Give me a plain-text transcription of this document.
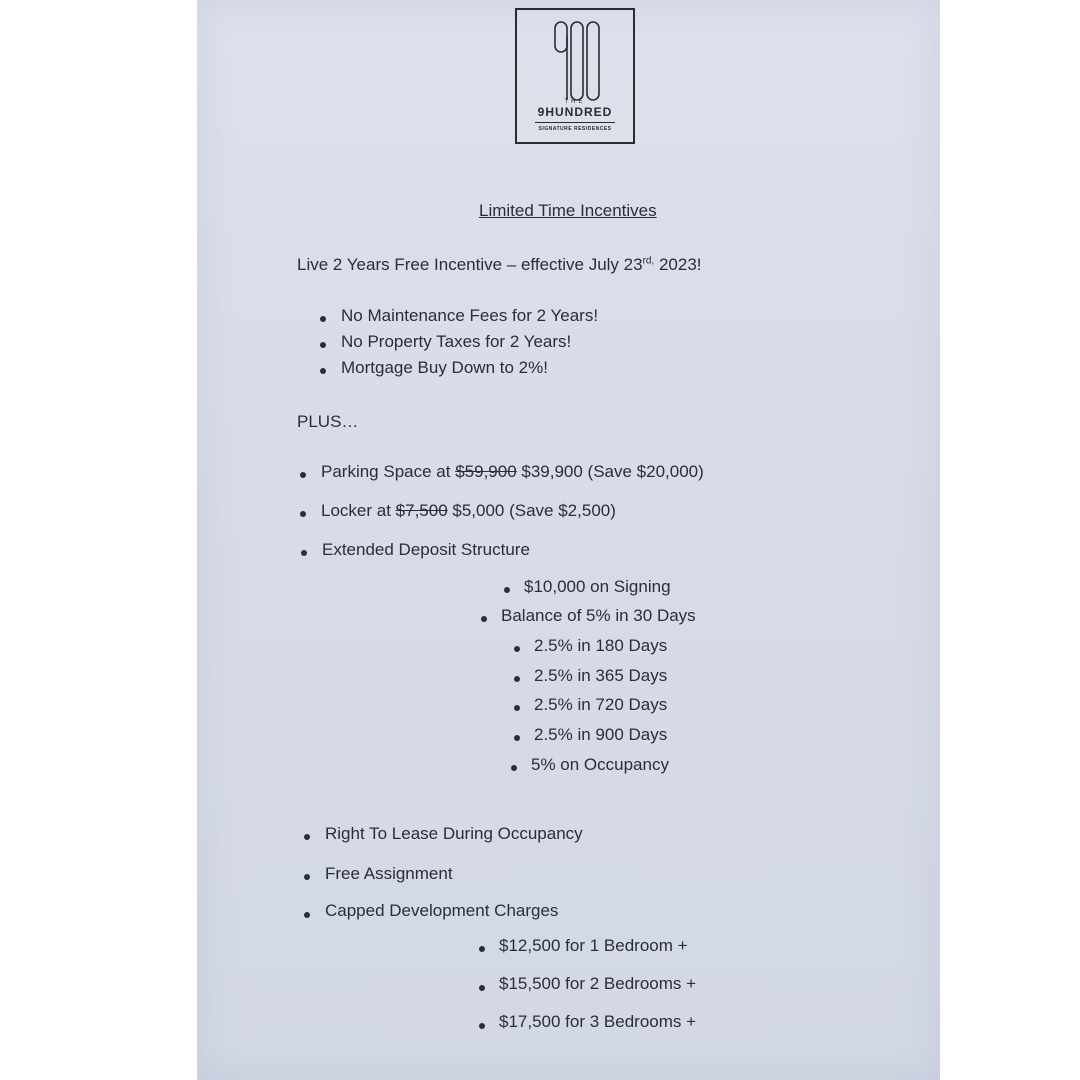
THE
9HUNDRED
SIGNATURE RESIDENCES
Limited Time Incentives
Live 2 Years Free Incentive – effective July $23^{rd,}$ 2023!
No Maintenance Fees for 2 Years!
No Property Taxes for 2 Years!
Mortgage Buy Down to 2%!
PLUS…
Parking Space at $59,900 $39,900 (Save $20,000)
Locker at $7,500 $5,000 (Save $2,500)
Extended Deposit Structure
$10,000 on Signing
Balance of 5% in 30 Days
2.5% in 180 Days
2.5% in 365 Days
2.5% in 720 Days
2.5% in 900 Days
5% on Occupancy
Right To Lease During Occupancy
Free Assignment
Capped Development Charges
$12,500 for 1 Bedroom +
$15,500 for 2 Bedrooms +
$17,500 for 3 Bedrooms +
